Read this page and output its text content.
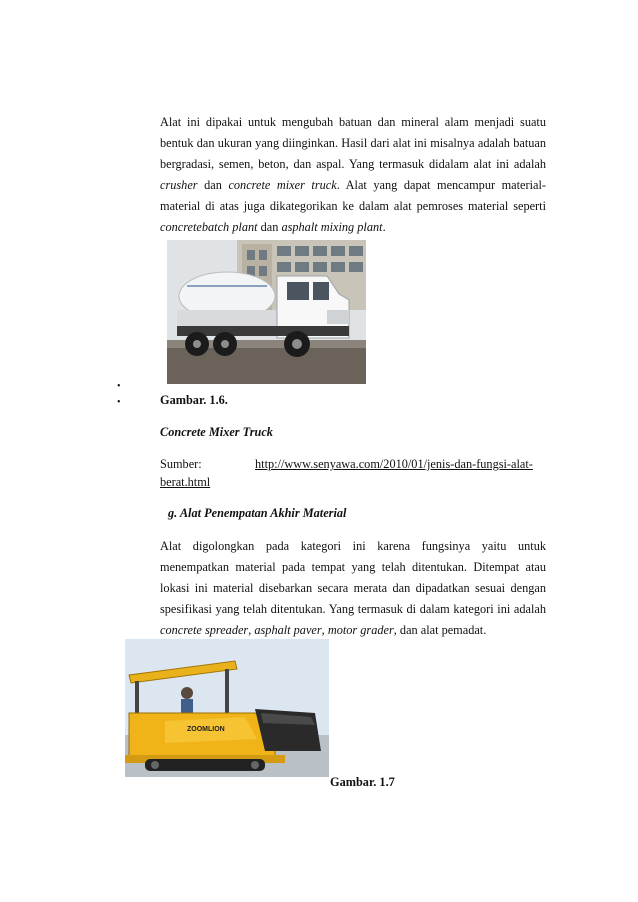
Alat ini dipakai untuk mengubah batuan dan mineral alam menjadi suatu bentuk dan ukuran yang diinginkan. Hasil dari alat ini misalnya adalah batuan bergradasi, semen, beton, dan aspal. Yang termasuk didalam alat ini adalah crusher dan concrete mixer truck. Alat yang dapat mencampur material-material di atas juga dikategorikan ke dalam alat pemroses material seperti concretebatch plant dan asphalt mixing plant.

•
•	Gambar. 1.6.
Concrete Mixer Truck
Sumber:	http://www.senyawa.com/2010/01/jenis-dan-fungsi-alat-
berat.html
g. Alat Penempatan Akhir Material

Alat digolongkan pada kategori ini karena fungsinya yaitu untuk menempatkan material pada tempat yang telah ditentukan. Ditempat atau lokasi ini material disebarkan secara merata dan dipadatkan sesuai dengan spesifikasi yang telah ditentukan. Yang termasuk di dalam kategori ini adalah concrete spreader, asphalt paver, motor grader, dan alat pemadat.

ZOOMLION
Gambar. 1.7
